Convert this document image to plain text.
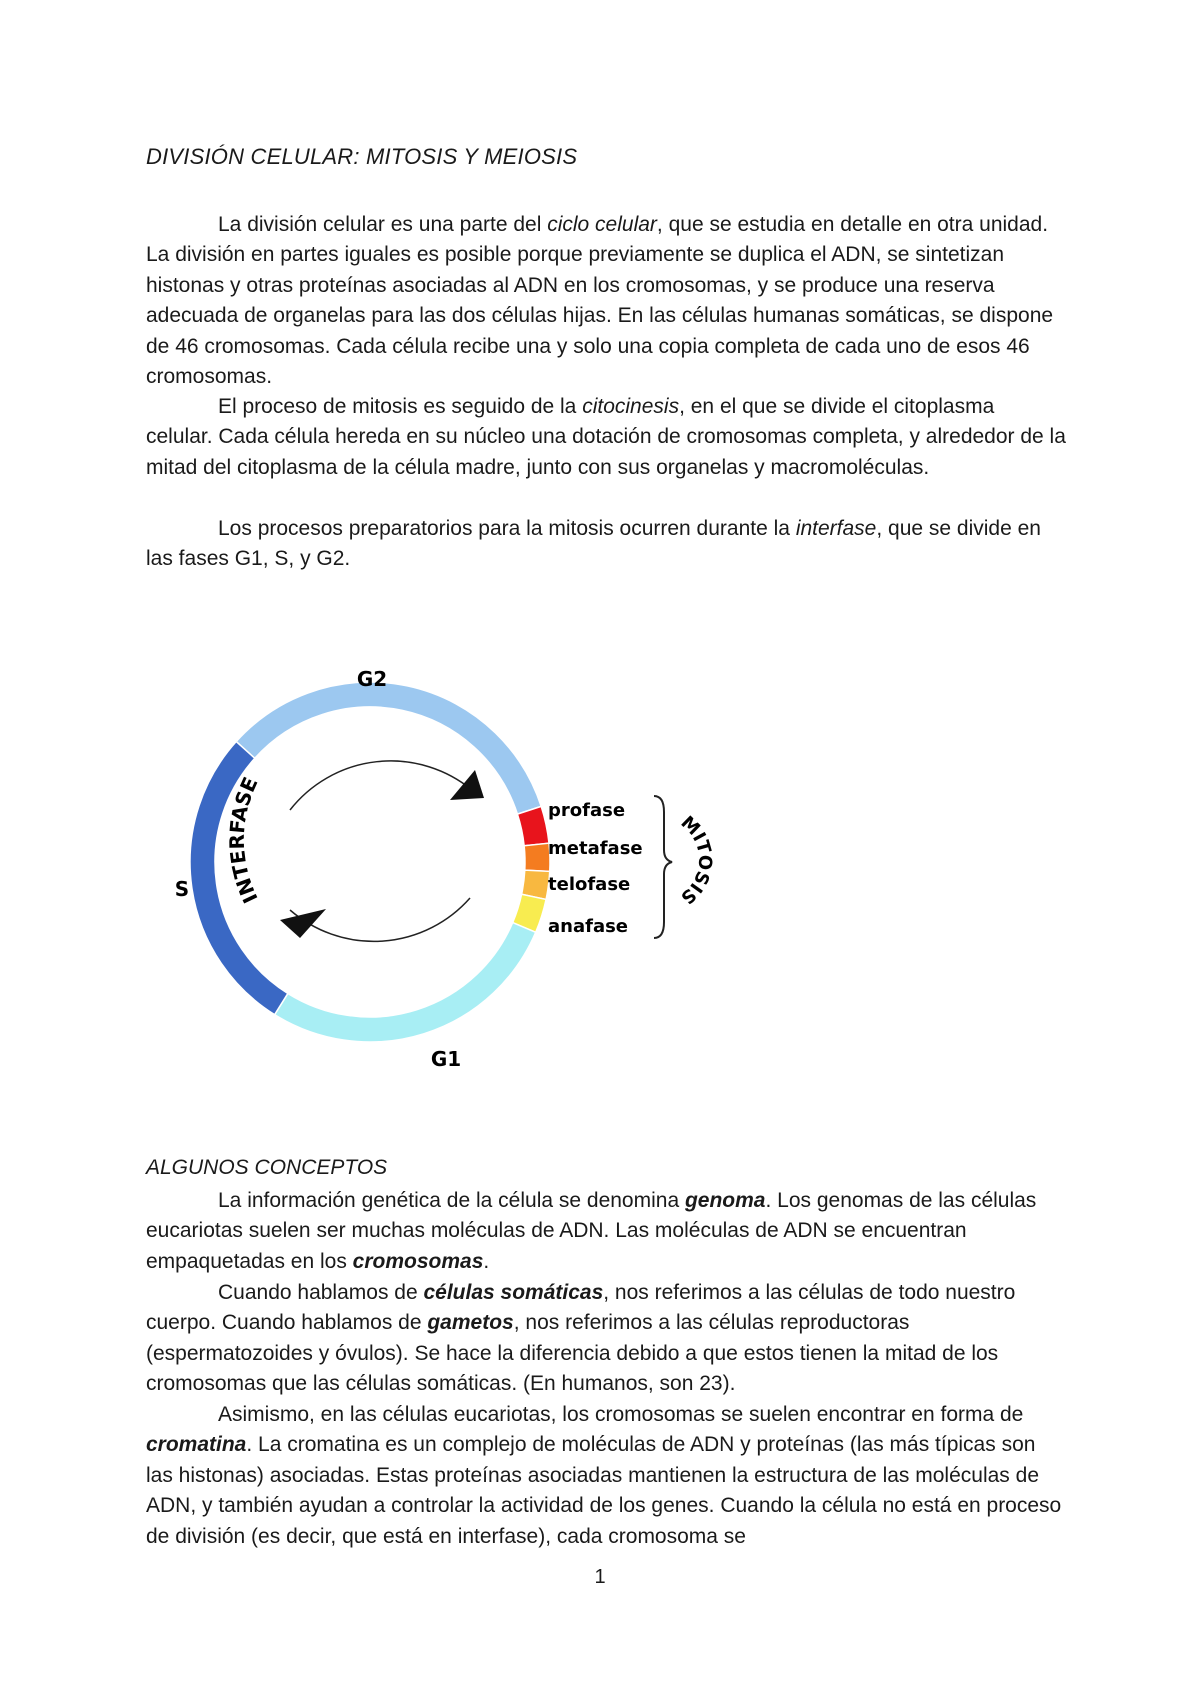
DIVISIÓN CELULAR: MITOSIS Y MEIOSIS

La división celular es una parte del ciclo celular, que se estudia en detalle en otra unidad. La división en partes iguales es posible porque previamente se duplica el ADN, se sintetizan histonas y otras proteínas asociadas al ADN en los cromosomas, y se produce una reserva adecuada de organelas para las dos células hijas. En las células humanas somáticas, se dispone de 46 cromosomas. Cada célula recibe una y solo una copia completa de cada uno de esos 46 cromosomas.

El proceso de mitosis es seguido de la citocinesis, en el que se divide el citoplasma celular. Cada célula hereda en su núcleo una dotación de cromosomas completa, y alrededor de la mitad del citoplasma de la célula madre, junto con sus organelas y macromoléculas.

Los procesos preparatorios para la mitosis ocurren durante la interfase, que se divide en las fases G1, S, y G2.

INTERFASE
G2
S
G1
profase
metafase
telofase
anafase
MITOSIS

ALGUNOS CONCEPTOS

La información genética de la célula se denomina genoma. Los genomas de las células eucariotas suelen ser muchas moléculas de ADN. Las moléculas de ADN se encuentran empaquetadas en los cromosomas.

Cuando hablamos de células somáticas, nos referimos a las células de todo nuestro cuerpo. Cuando hablamos de gametos, nos referimos a las células reproductoras (espermatozoides y óvulos). Se hace la diferencia debido a que estos tienen la mitad de los cromosomas que las células somáticas. (En humanos, son 23).

Asimismo, en las células eucariotas, los cromosomas se suelen encontrar en forma de cromatina. La cromatina es un complejo de moléculas de ADN y proteínas (las más típicas son las histonas) asociadas. Estas proteínas asociadas mantienen la estructura de las moléculas de ADN, y también ayudan a controlar la actividad de los genes. Cuando la célula no está en proceso de división (es decir, que está en interfase), cada cromosoma se

1
